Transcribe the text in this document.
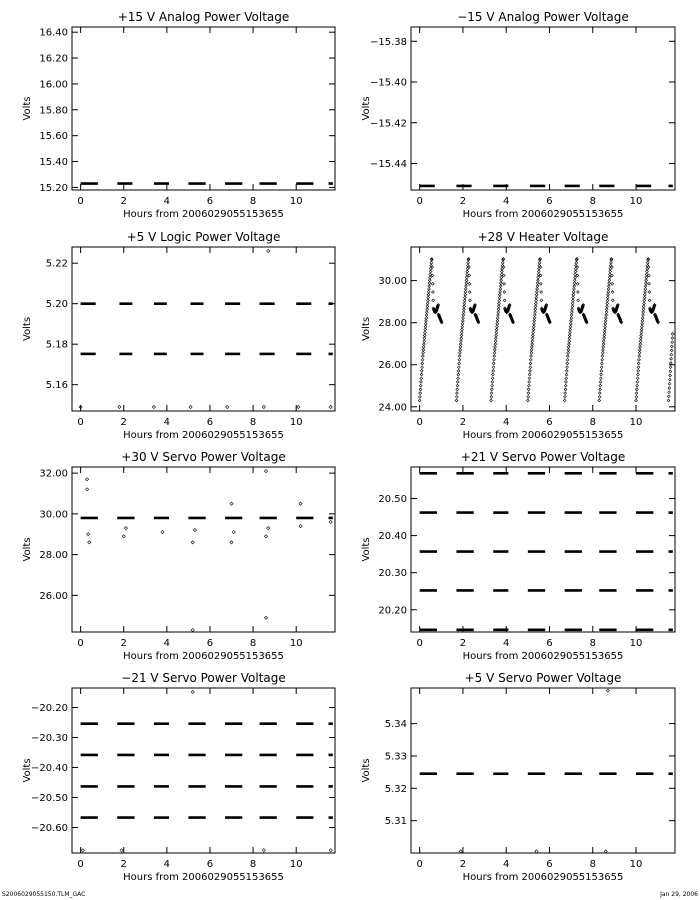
+15 V Analog Power Voltage
0	2	4	6	8	10
15.20
15.40
15.60
15.80
16.00
16.20
16.40
Hours from 2006029055153655
Volts
−15 V Analog Power Voltage
0	2	4	6	8	10
−15.44
−15.42
−15.40
−15.38
Hours from 2006029055153655
Volts
+5 V Logic Power Voltage
0	2	4	6	8	10
5.16
5.18
5.20
5.22
Hours from 2006029055153655
Volts
+28 V Heater Voltage
0	2	4	6	8	10
24.00
26.00
28.00
30.00
Hours from 2006029055153655
Volts
+30 V Servo Power Voltage
0	2	4	6	8	10
26.00
28.00
30.00
32.00
Hours from 2006029055153655
Volts
+21 V Servo Power Voltage
0	2	4	6	8	10
20.20
20.30
20.40
20.50
Hours from 2006029055153655
Volts
−21 V Servo Power Voltage
0	2	4	6	8	10
−20.60
−20.50
−20.40
−20.30
−20.20
Hours from 2006029055153655
Volts
+5 V Servo Power Voltage
0	2	4	6	8	10
5.31
5.32
5.33
5.34
Hours from 2006029055153655
Volts
S2006029055150.TLM_GAC	Jan 29, 2006
